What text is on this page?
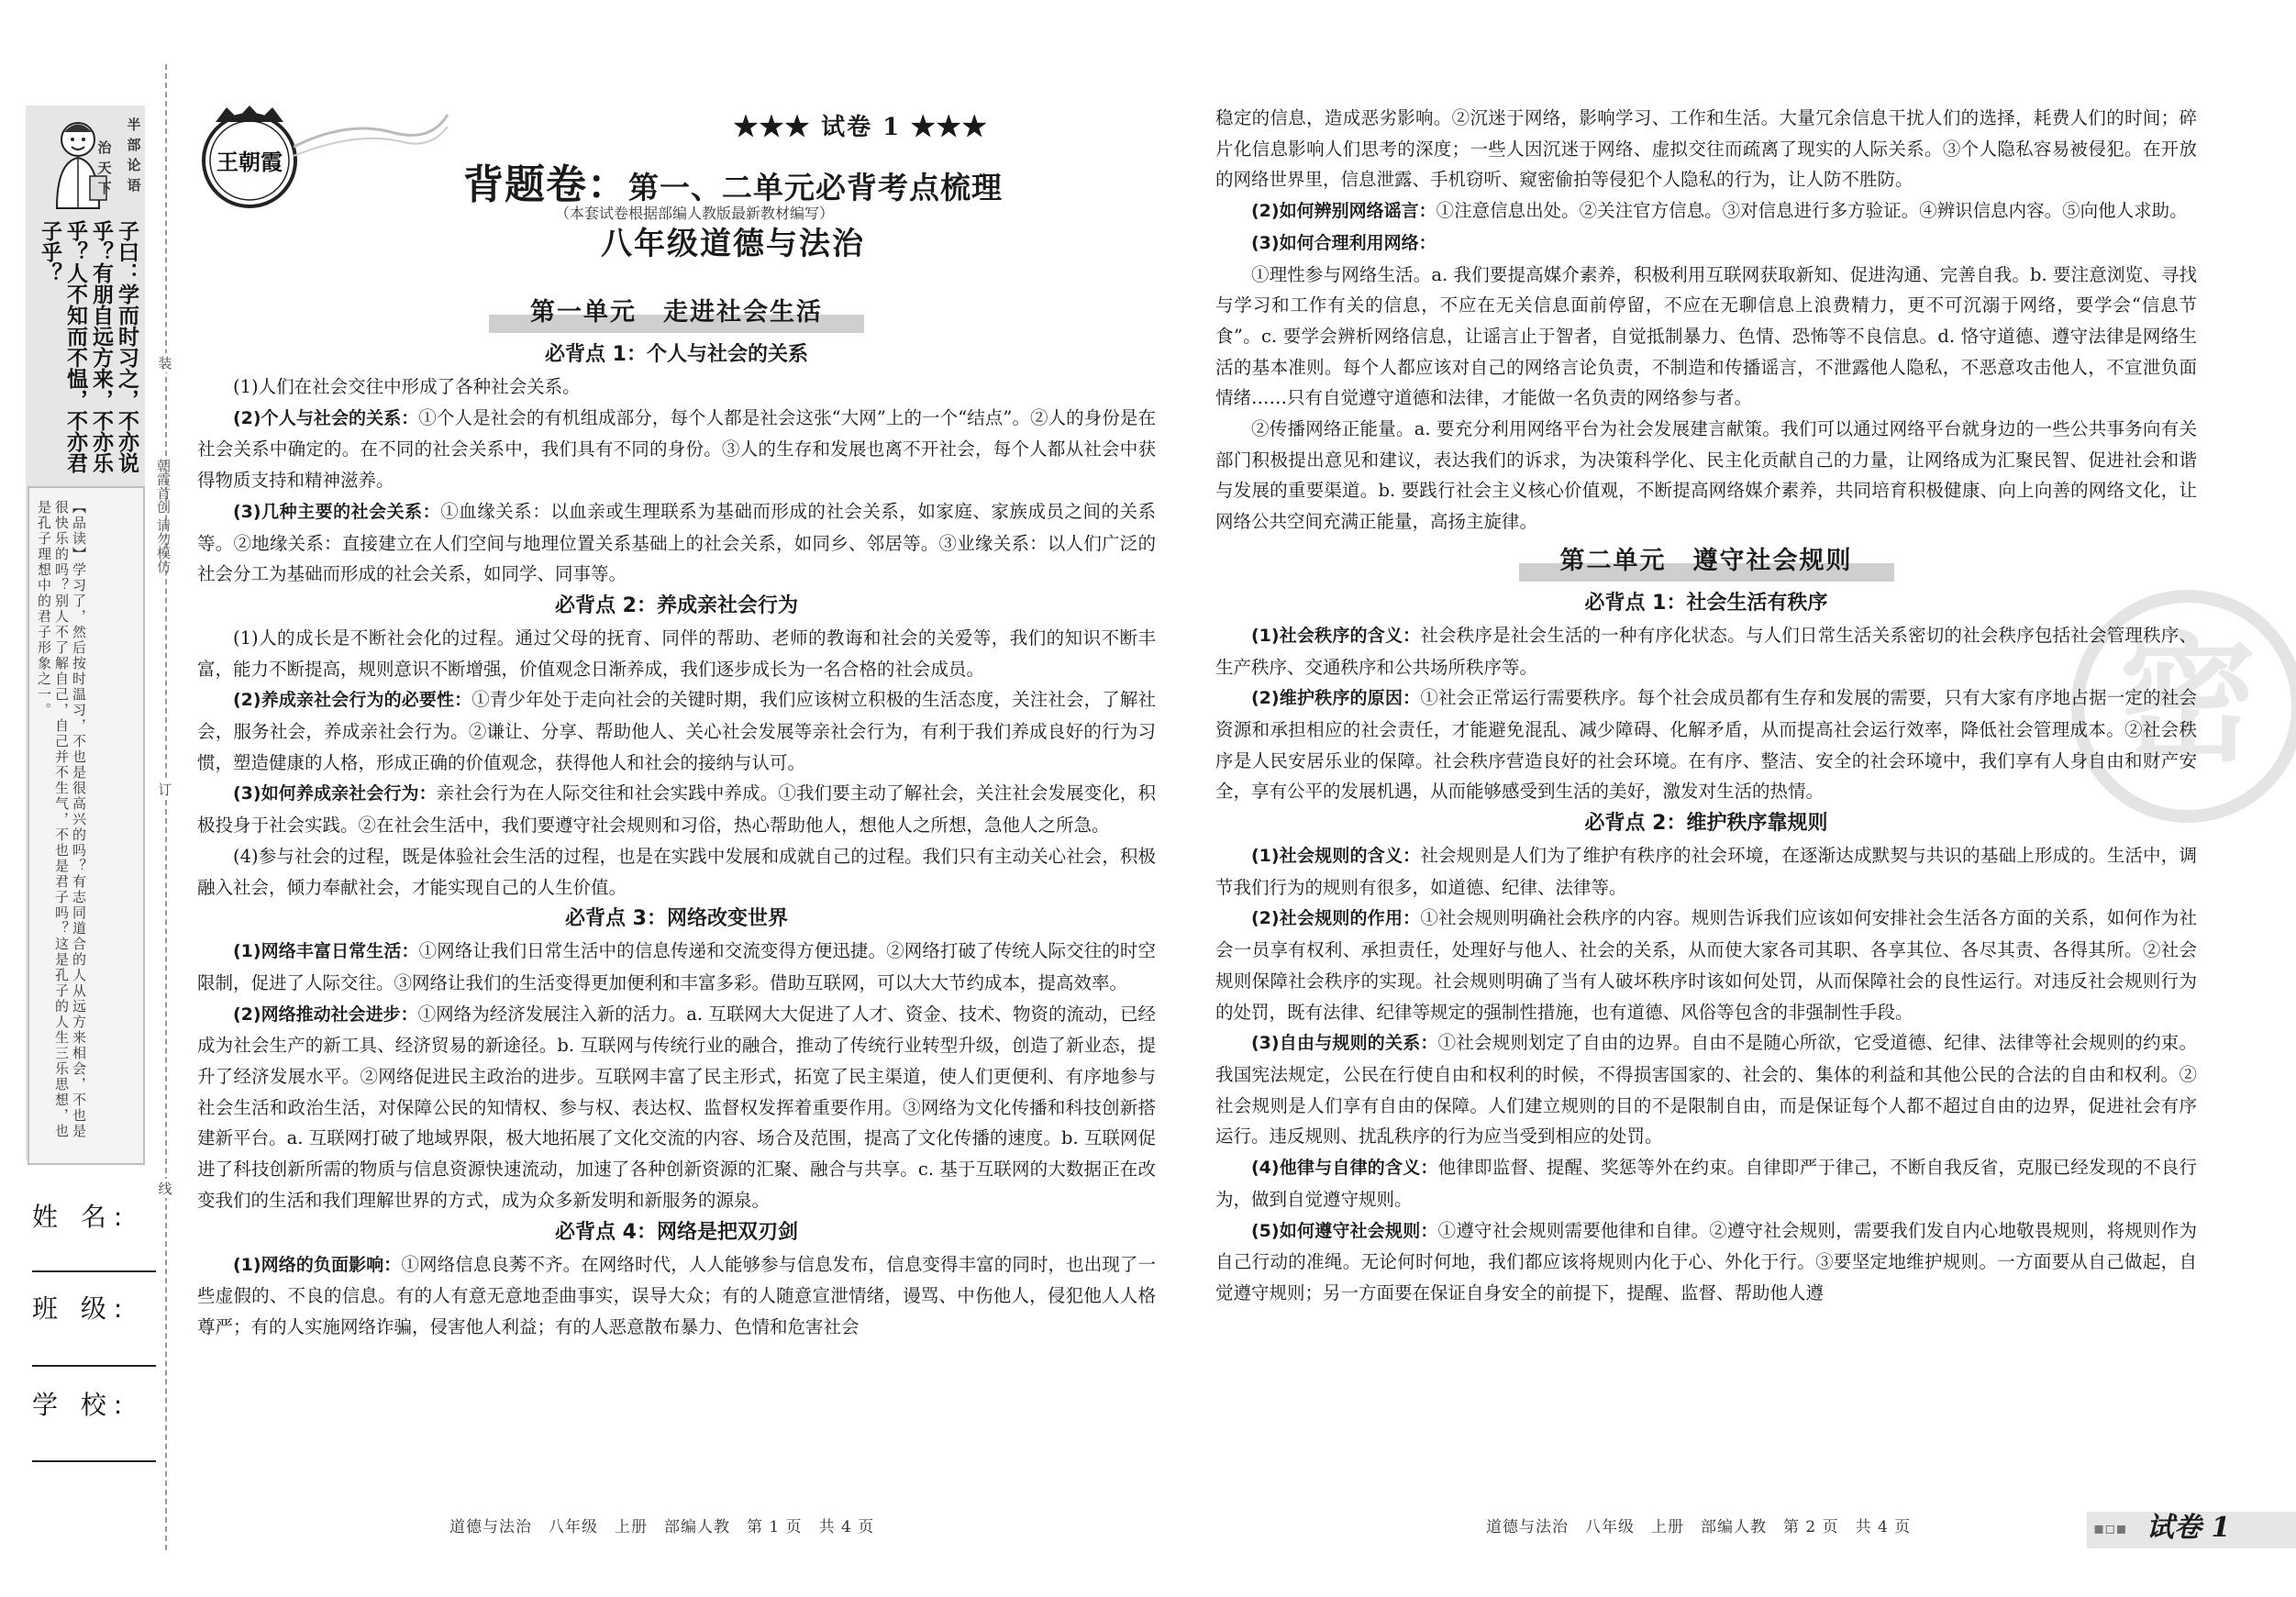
半
部
论
语
治
天
下
子曰：学而时习之，不亦说
乎？有朋自远方来，不亦乐
乎？人不知而不愠，不亦君
子乎？
【品读】学习了，然后按时温习，不也是很高兴的吗？有志同道合的人从远方来相会，不也是很快乐的吗？别人不了解自己，自己并不生气，不也是君子吗？这是孔子的人生三乐思想，也是孔子理想中的君子形象之一。
装
订
线
朝霞首创 请勿模仿
姓 名:
班 级:
学 校:
王朝霞
★★★ 试卷 1 ★★★
背题卷：第一、二单元必背考点梳理
（本套试卷根据部编人教版最新教材编写）
八年级道德与法治

第一单元　走进社会生活

必背点 1：个人与社会的关系

(1)人们在社会交往中形成了各种社会关系。

(2)个人与社会的关系：①个人是社会的有机组成部分，每个人都是社会这张“大网”上的一个“结点”。②人的身份是在社会关系中确定的。在不同的社会关系中，我们具有不同的身份。③人的生存和发展也离不开社会，每个人都从社会中获得物质支持和精神滋养。

(3)几种主要的社会关系：①血缘关系：以血亲或生理联系为基础而形成的社会关系，如家庭、家族成员之间的关系等。②地缘关系：直接建立在人们空间与地理位置关系基础上的社会关系，如同乡、邻居等。③业缘关系：以人们广泛的社会分工为基础而形成的社会关系，如同学、同事等。

必背点 2：养成亲社会行为

(1)人的成长是不断社会化的过程。通过父母的抚育、同伴的帮助、老师的教诲和社会的关爱等，我们的知识不断丰富，能力不断提高，规则意识不断增强，价值观念日渐养成，我们逐步成长为一名合格的社会成员。

(2)养成亲社会行为的必要性：①青少年处于走向社会的关键时期，我们应该树立积极的生活态度，关注社会，了解社会，服务社会，养成亲社会行为。②谦让、分享、帮助他人、关心社会发展等亲社会行为，有利于我们养成良好的行为习惯，塑造健康的人格，形成正确的价值观念，获得他人和社会的接纳与认可。

(3)如何养成亲社会行为：亲社会行为在人际交往和社会实践中养成。①我们要主动了解社会，关注社会发展变化，积极投身于社会实践。②在社会生活中，我们要遵守社会规则和习俗，热心帮助他人，想他人之所想，急他人之所急。

(4)参与社会的过程，既是体验社会生活的过程，也是在实践中发展和成就自己的过程。我们只有主动关心社会，积极融入社会，倾力奉献社会，才能实现自己的人生价值。

必背点 3：网络改变世界

(1)网络丰富日常生活：①网络让我们日常生活中的信息传递和交流变得方便迅捷。②网络打破了传统人际交往的时空限制，促进了人际交往。③网络让我们的生活变得更加便利和丰富多彩。借助互联网，可以大大节约成本，提高效率。

(2)网络推动社会进步：①网络为经济发展注入新的活力。a. 互联网大大促进了人才、资金、技术、物资的流动，已经成为社会生产的新工具、经济贸易的新途径。b. 互联网与传统行业的融合，推动了传统行业转型升级，创造了新业态，提升了经济发展水平。②网络促进民主政治的进步。互联网丰富了民主形式，拓宽了民主渠道，使人们更便利、有序地参与社会生活和政治生活，对保障公民的知情权、参与权、表达权、监督权发挥着重要作用。③网络为文化传播和科技创新搭建新平台。a. 互联网打破了地域界限，极大地拓展了文化交流的内容、场合及范围，提高了文化传播的速度。b. 互联网促进了科技创新所需的物质与信息资源快速流动，加速了各种创新资源的汇聚、融合与共享。c. 基于互联网的大数据正在改变我们的生活和我们理解世界的方式，成为众多新发明和新服务的源泉。

必背点 4：网络是把双刃剑

(1)网络的负面影响：①网络信息良莠不齐。在网络时代，人人能够参与信息发布，信息变得丰富的同时，也出现了一些虚假的、不良的信息。有的人有意无意地歪曲事实，误导大众；有的人随意宣泄情绪，谩骂、中伤他人，侵犯他人人格尊严；有的人实施网络诈骗，侵害他人利益；有的人恶意散布暴力、色情和危害社会

密

稳定的信息，造成恶劣影响。②沉迷于网络，影响学习、工作和生活。大量冗余信息干扰人们的选择，耗费人们的时间；碎片化信息影响人们思考的深度；一些人因沉迷于网络、虚拟交往而疏离了现实的人际关系。③个人隐私容易被侵犯。在开放的网络世界里，信息泄露、手机窃听、窥密偷拍等侵犯个人隐私的行为，让人防不胜防。

(2)如何辨别网络谣言：①注意信息出处。②关注官方信息。③对信息进行多方验证。④辨识信息内容。⑤向他人求助。

(3)如何合理利用网络：

①理性参与网络生活。a. 我们要提高媒介素养，积极利用互联网获取新知、促进沟通、完善自我。b. 要注意浏览、寻找与学习和工作有关的信息，不应在无关信息面前停留，不应在无聊信息上浪费精力，更不可沉溺于网络，要学会“信息节食”。c. 要学会辨析网络信息，让谣言止于智者，自觉抵制暴力、色情、恐怖等不良信息。d. 恪守道德、遵守法律是网络生活的基本准则。每个人都应该对自己的网络言论负责，不制造和传播谣言，不泄露他人隐私，不恶意攻击他人，不宣泄负面情绪……只有自觉遵守道德和法律，才能做一名负责的网络参与者。

②传播网络正能量。a. 要充分利用网络平台为社会发展建言献策。我们可以通过网络平台就身边的一些公共事务向有关部门积极提出意见和建议，表达我们的诉求，为决策科学化、民主化贡献自己的力量，让网络成为汇聚民智、促进社会和谐与发展的重要渠道。b. 要践行社会主义核心价值观，不断提高网络媒介素养，共同培育积极健康、向上向善的网络文化，让网络公共空间充满正能量，高扬主旋律。

第二单元　遵守社会规则

必背点 1：社会生活有秩序

(1)社会秩序的含义：社会秩序是社会生活的一种有序化状态。与人们日常生活关系密切的社会秩序包括社会管理秩序、生产秩序、交通秩序和公共场所秩序等。

(2)维护秩序的原因：①社会正常运行需要秩序。每个社会成员都有生存和发展的需要，只有大家有序地占据一定的社会资源和承担相应的社会责任，才能避免混乱、减少障碍、化解矛盾，从而提高社会运行效率，降低社会管理成本。②社会秩序是人民安居乐业的保障。社会秩序营造良好的社会环境。在有序、整洁、安全的社会环境中，我们享有人身自由和财产安全，享有公平的发展机遇，从而能够感受到生活的美好，激发对生活的热情。

必背点 2：维护秩序靠规则

(1)社会规则的含义：社会规则是人们为了维护有秩序的社会环境，在逐渐达成默契与共识的基础上形成的。生活中，调节我们行为的规则有很多，如道德、纪律、法律等。

(2)社会规则的作用：①社会规则明确社会秩序的内容。规则告诉我们应该如何安排社会生活各方面的关系，如何作为社会一员享有权利、承担责任，处理好与他人、社会的关系，从而使大家各司其职、各享其位、各尽其责、各得其所。②社会规则保障社会秩序的实现。社会规则明确了当有人破坏秩序时该如何处罚，从而保障社会的良性运行。对违反社会规则行为的处罚，既有法律、纪律等规定的强制性措施，也有道德、风俗等包含的非强制性手段。

(3)自由与规则的关系：①社会规则划定了自由的边界。自由不是随心所欲，它受道德、纪律、法律等社会规则的约束。我国宪法规定，公民在行使自由和权利的时候，不得损害国家的、社会的、集体的利益和其他公民的合法的自由和权利。②社会规则是人们享有自由的保障。人们建立规则的目的不是限制自由，而是保证每个人都不超过自由的边界，促进社会有序运行。违反规则、扰乱秩序的行为应当受到相应的处罚。

(4)他律与自律的含义：他律即监督、提醒、奖惩等外在约束。自律即严于律己，不断自我反省，克服已经发现的不良行为，做到自觉遵守规则。

(5)如何遵守社会规则：①遵守社会规则需要他律和自律。②遵守社会规则，需要我们发自内心地敬畏规则，将规则作为自己行动的准绳。无论何时何地，我们都应该将规则内化于心、外化于行。③要坚定地维护规则。一方面要从自己做起，自觉遵守规则；另一方面要在保证自身安全的前提下，提醒、监督、帮助他人遵

道德与法治　八年级　上册　部编人教　第 1 页　共 4 页	道德与法治　八年级　上册　部编人教　第 2 页　共 4 页	试卷 1
▪▫▪
